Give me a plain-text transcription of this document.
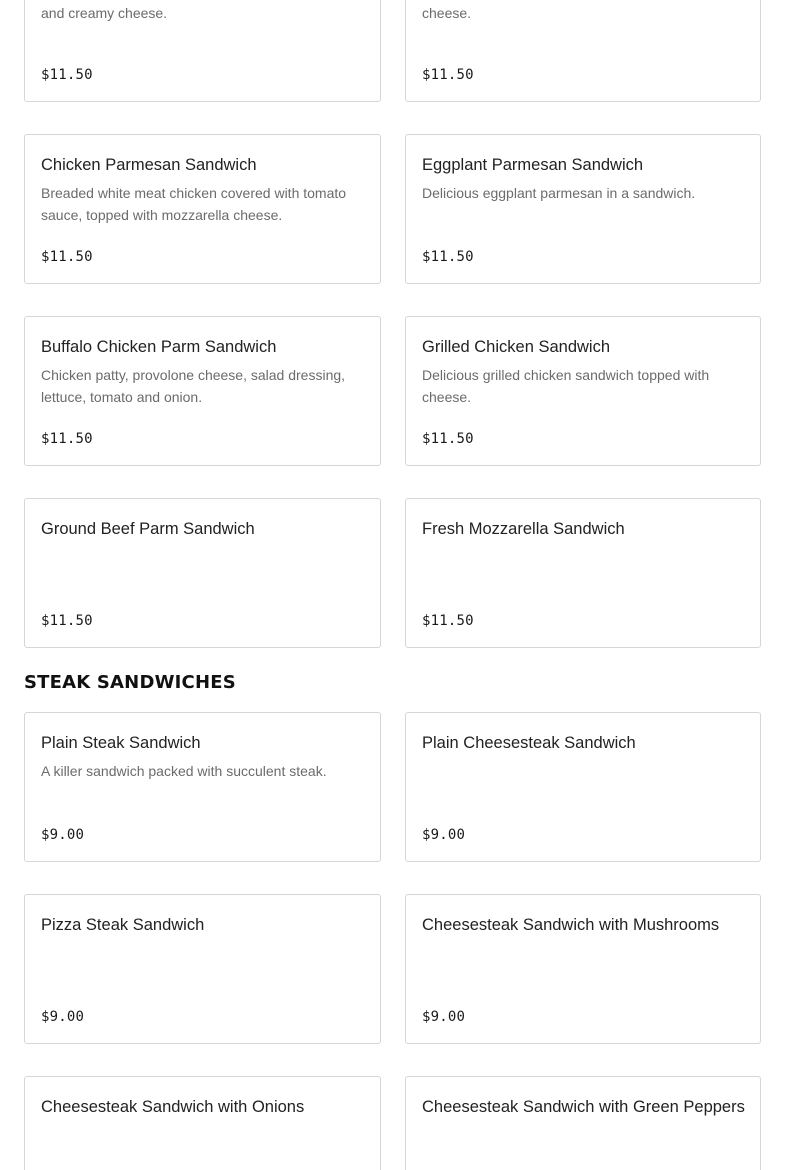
and creamy cheese.
$11.50
cheese.
$11.50
Chicken Parmesan Sandwich
Breaded white meat chicken covered with tomato sauce, topped with mozzarella cheese.
$11.50
Eggplant Parmesan Sandwich
Delicious eggplant parmesan in a sandwich.
$11.50
Buffalo Chicken Parm Sandwich
Chicken patty, provolone cheese, salad dressing, lettuce, tomato and onion.
$11.50
Grilled Chicken Sandwich
Delicious grilled chicken sandwich topped with cheese.
$11.50
Ground Beef Parm Sandwich
$11.50
Fresh Mozzarella Sandwich
$11.50
STEAK SANDWICHES
Plain Steak Sandwich
A killer sandwich packed with succulent steak.
$9.00
Plain Cheesesteak Sandwich
$9.00
Pizza Steak Sandwich
$9.00
Cheesesteak Sandwich with Mushrooms
$9.00
Cheesesteak Sandwich with Onions	Cheesesteak Sandwich with Green Peppers
